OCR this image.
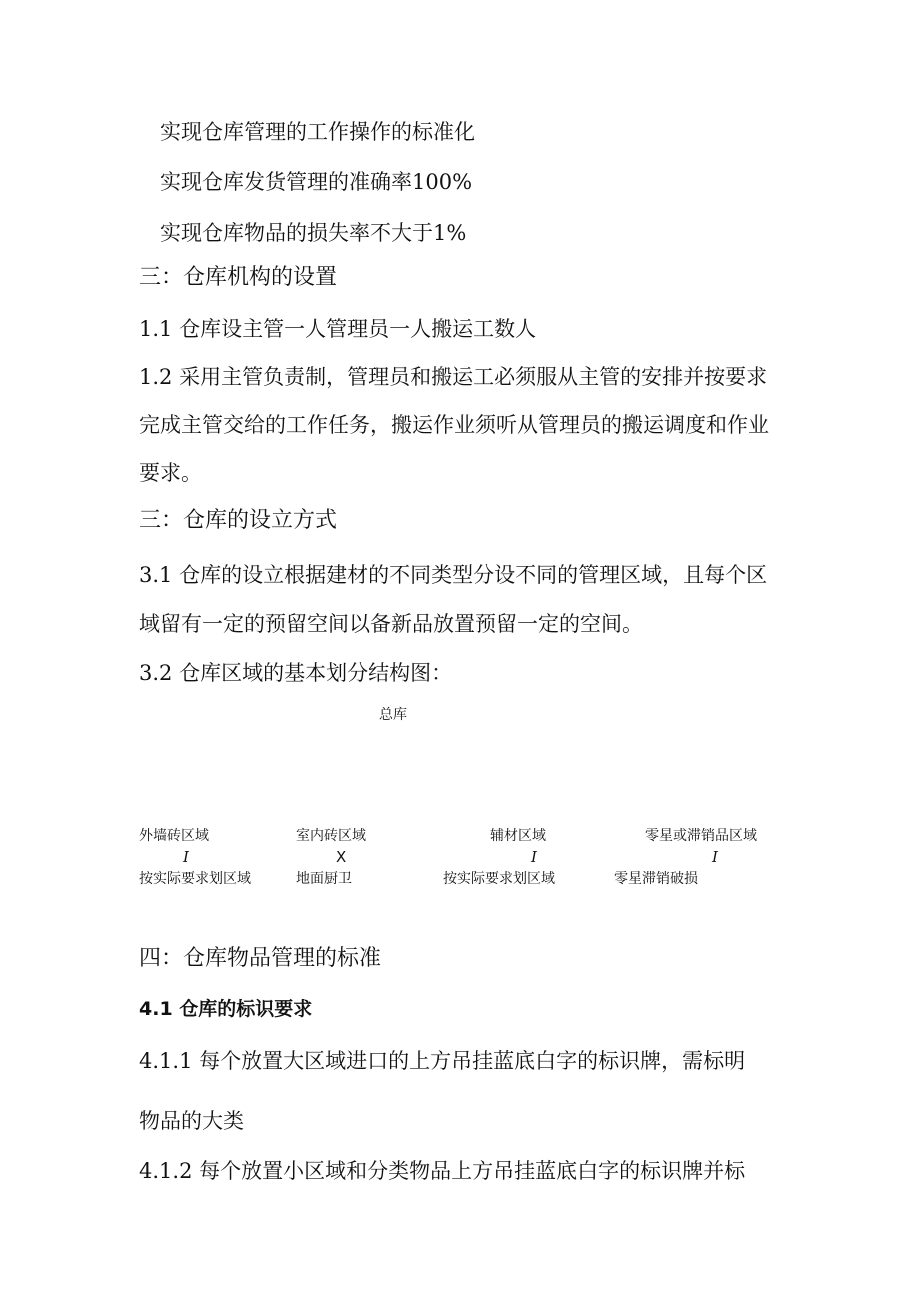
实现仓库管理的工作操作的标准化
实现仓库发货管理的准确率100%
实现仓库物品的损失率不大于1%
三：仓库机构的设置
1.1 仓库设主管一人管理员一人搬运工数人
1.2 采用主管负责制，管理员和搬运工必须服从主管的安排并按要求
完成主管交给的工作任务，搬运作业须听从管理员的搬运调度和作业
要求。
三：仓库的设立方式
3.1 仓库的设立根据建材的不同类型分设不同的管理区域，且每个区
域留有一定的预留空间以备新品放置预留一定的空间。
3.2 仓库区域的基本划分结构图：
总库
外墙砖区域	室内砖区域	辅材区域	零星或滞销品区域
I	X	I	I
按实际要求划区域	地面厨卫	按实际要求划区域	零星滞销破损
四：仓库物品管理的标准
4.1 仓库的标识要求
4.1.1 每个放置大区域进口的上方吊挂蓝底白字的标识牌，需标明
物品的大类
4.1.2 每个放置小区域和分类物品上方吊挂蓝底白字的标识牌并标
